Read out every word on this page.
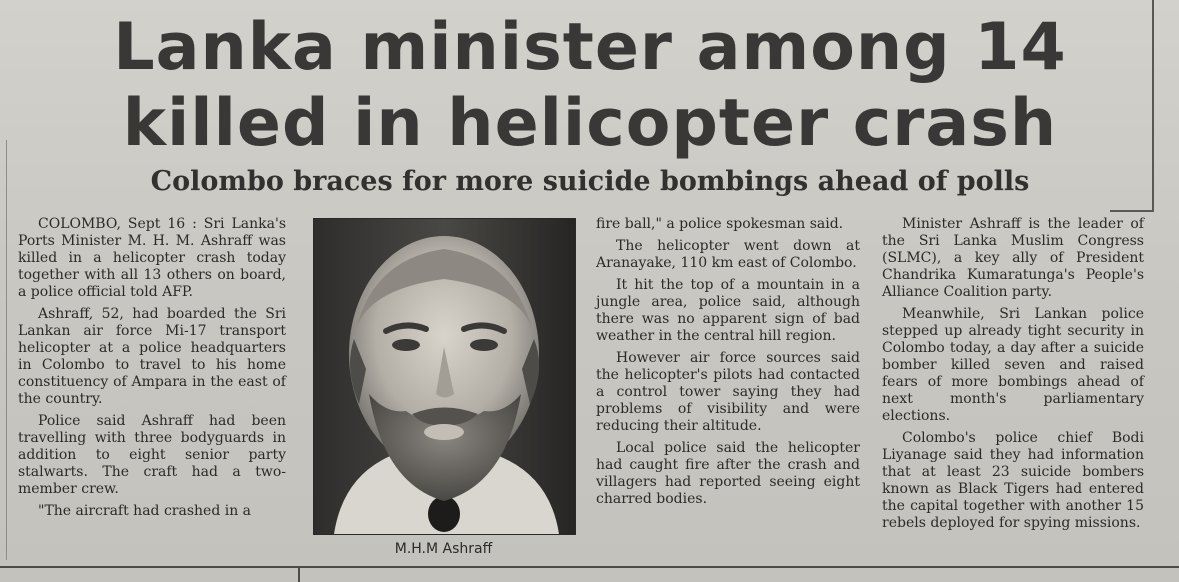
Lanka minister among 14
killed in helicopter crash
Colombo braces for more suicide bombings ahead of polls

COLOMBO, Sept 16 : Sri Lanka's Ports Minister M. H. M. Ashraff was killed in a helicopter crash today together with all 13 others on board, a police official told AFP.

Ashraff, 52, had boarded the Sri Lankan air force Mi-17 transport helicopter at a police headquarters in Colombo to travel to his home constituency of Ampara in the east of the country.

Police said Ashraff had been travelling with three bodyguards in addition to eight senior party stalwarts. The craft had a two-member crew.

"The aircraft had crashed in a

M.H.M Ashraff

fire ball," a police spokesman said.

The helicopter went down at Aranayake, 110 km east of Colombo.

It hit the top of a mountain in a jungle area, police said, although there was no apparent sign of bad weather in the central hill region.

However air force sources said the helicopter's pilots had contacted a control tower saying they had problems of visibility and were reducing their altitude.

Local police said the helicopter had caught fire after the crash and villagers had reported seeing eight charred bodies.

Minister Ashraff is the leader of the Sri Lanka Muslim Congress (SLMC), a key ally of President Chandrika Kumaratunga's People's Alliance Coalition party.

Meanwhile, Sri Lankan police stepped up already tight security in Colombo today, a day after a suicide bomber killed seven and raised fears of more bombings ahead of next month's parliamentary elections.

Colombo's police chief Bodi Liyanage said they had information that at least 23 suicide bombers known as Black Tigers had entered the capital together with another 15 rebels deployed for spying missions.
